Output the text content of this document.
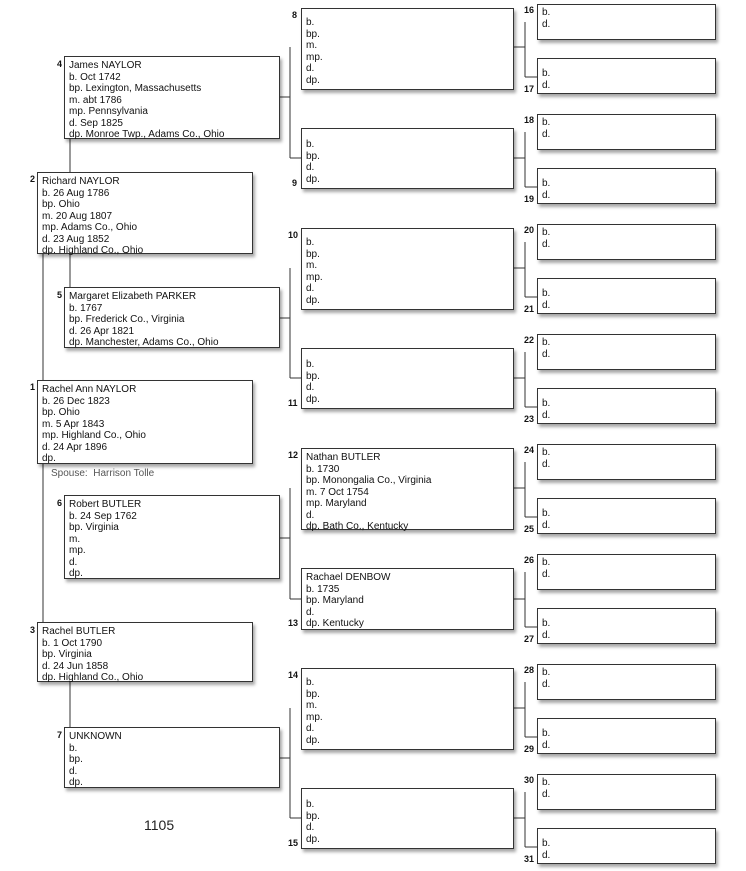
1 Rachel Ann NAYLOR
b. 26 Dec 1823
bp. Ohio
m. 5 Apr 1843
mp. Highland Co., Ohio
d. 24 Apr 1896
dp.
Spouse: Harrison Tolle
2 Richard NAYLOR
b. 26 Aug 1786
bp. Ohio
m. 20 Aug 1807
mp. Adams Co., Ohio
d. 23 Aug 1852
dp. Highland Co., Ohio
3 Rachel BUTLER
b. 1 Oct 1790
bp. Virginia
d. 24 Jun 1858
dp. Highland Co., Ohio
4 James NAYLOR
b. Oct 1742
bp. Lexington, Massachusetts
m. abt 1786
mp. Pennsylvania
d. Sep 1825
dp. Monroe Twp., Adams Co., Ohio
5 Margaret Elizabeth PARKER
b. 1767
bp. Frederick Co., Virginia
d. 26 Apr 1821
dp. Manchester, Adams Co., Ohio
6 Robert BUTLER
b. 24 Sep 1762
bp. Virginia
m.
mp.
d.
dp.
7 UNKNOWN
b.
bp.
d.
dp.
8
b.
bp.
m.
mp.
d.
dp.
9
b.
bp.
d.
dp.
10
b.
bp.
m.
mp.
d.
dp.
11
b.
bp.
d.
dp.
12 Nathan BUTLER
b. 1730
bp. Monongalia Co., Virginia
m. 7 Oct 1754
mp. Maryland
d.
dp. Bath Co., Kentucky
13
Rachael DENBOW
b. 1735
bp. Maryland
d.
dp. Kentucky
14
b.
bp.
m.
mp.
d.
dp.
15
b.
bp.
d.
dp.
16 b.
d.
17
b.
d.
18 b.
d.
19
b.
d.
20 b.
d.
21
b.
d.
22 b.
d.
23
b.
d.
24 b.
d.
25
b.
d.
26 b.
d.
27
b.
d.
28 b.
d.
29
b.
d.
30 b.
d.
31
b.
d.
1105
